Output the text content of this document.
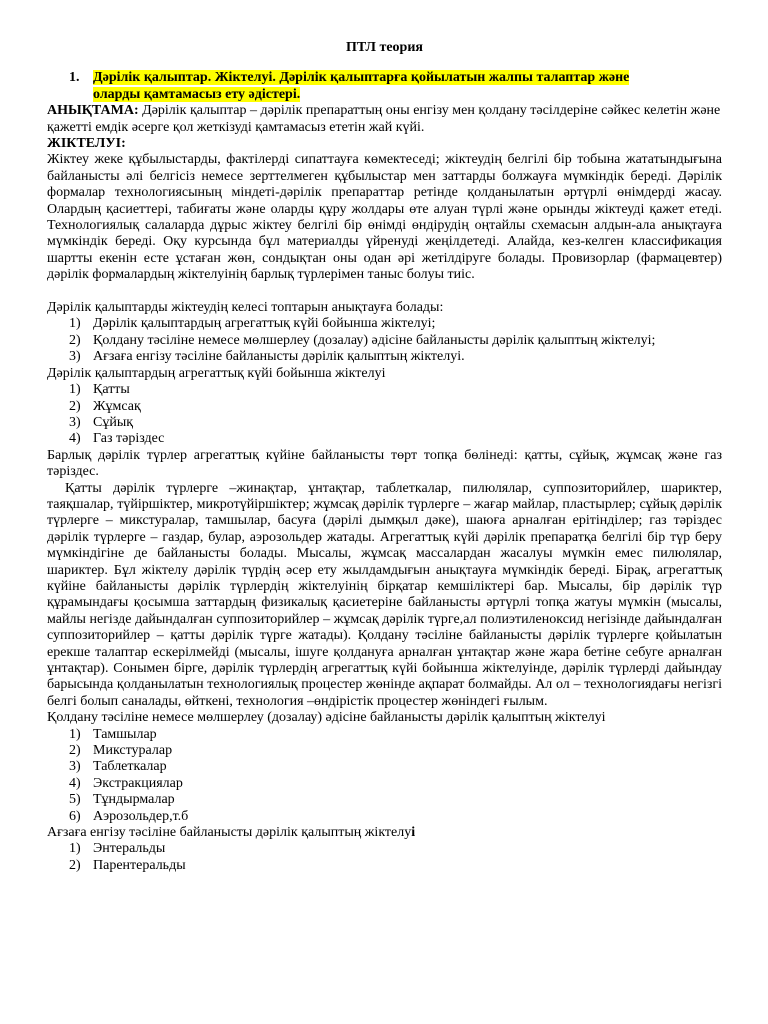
ПТЛ теория

1. Дәрілік қалыптар. Жіктелуі. Дәрілік қалыптарға қойылатын жалпы талаптар және
оларды қамтамасыз ету әдістері.

АНЫҚТАМА: Дәрілік қалыптар – дәрілік препараттың оны енгізу мен қолдану тәсілдеріне сәйкес келетін және қажетті емдік әсерге қол жеткізуді қамтамасыз ететін жай күйі.

ЖІКТЕЛУІ:

Жіктеу жеке құбылыстарды, фактілерді сипаттауға көмектеседі; жіктеудің белгілі бір тобына жататындығына байланысты әлі белгісіз немесе зерттелмеген құбылыстар мен заттарды болжауға мүмкіндік береді. Дәрілік формалар технологиясының міндеті-дәрілік препараттар ретінде қолданылатын әртүрлі өнімдерді жасау. Олардың қасиеттері, табиғаты және оларды құру жолдары өте алуан түрлі және орынды жіктеуді қажет етеді. Технологиялық салаларда дұрыс жіктеу белгілі бір өнімді өндірудің оңтайлы схемасын алдын-ала анықтауға мүмкіндік береді. Оқу курсында бұл материалды үйренуді жеңілдетеді. Алайда, кез-келген классификация шартты екенін есте ұстаған жөн, сондықтан оны одан әрі жетілдіруге болады. Провизорлар (фармацевтер) дәрілік формалардың жіктелуінің барлық түрлерімен таныс болуы тиіс.

Дәрілік қалыптарды жіктеудің келесі топтарын анықтауға болады:

1) Дәрілік қалыптардың агрегаттық күйі бойынша жіктелуі;
2) Қолдану тәсіліне немесе мөлшерлеу (дозалау) әдісіне байланысты дәрілік қалыптың жіктелуі;
3) Ағзаға енгізу тәсіліне байланысты дәрілік қалыптың жіктелуі.

Дәрілік қалыптардың агрегаттық күйі бойынша жіктелуі

1) Қатты
2) Жұмсақ
3) Сұйық
4) Газ тәріздес

Барлық дәрілік түрлер агрегаттық күйіне байланысты төрт топқа бөлінеді: қатты, сұйық, жұмсақ және газ тәріздес.

Қатты дәрілік түрлерге –жинақтар, ұнтақтар, таблеткалар, пилюлялар, суппозиторийлер, шариктер, таяқшалар, түйіршіктер, микротүйіршіктер; жұмсақ дәрілік түрлерге – жағар майлар, пластырлер; сұйық дәрілік түрлерге – микстуралар, тамшылар, басуға (дәрілі дымқыл дәке), шаюға арналған ерітінділер; газ тәріздес дәрілік түрлерге – газдар, булар, аэрозольдер жатады. Агрегаттық күйі дәрілік препаратқа белгілі бір түр беру мүмкіндігіне де байланысты болады. Мысалы, жұмсақ массалардан жасалуы мүмкін емес пилюлялар, шариктер. Бұл жіктелу дәрілік түрдің әсер ету жылдамдығын анықтауға мүмкіндік береді. Бірақ, агрегаттық күйіне байланысты дәрілік түрлердің жіктелуінің бірқатар кемшіліктері бар. Мысалы, бір дәрілік түр құрамындағы қосымша заттардың физикалық қасиетеріне байланысты әртүрлі топқа жатуы мүмкін (мысалы, майлы негізде дайындалған суппозиторийлер – жұмсақ дәрілік түрге,ал полиэтиленоксид негізінде дайындалған суппозиторийлер – қатты дәрілік түрге жатады). Қолдану тәсіліне байланысты дәрілік түрлерге қойылатын ерекше талаптар ескерілмейді (мысалы, ішуге қолдануға арналған ұнтақтар және жара бетіне себуге арналған ұнтақтар). Сонымен бірге, дәрілік түрлердің агрегаттық күйі бойынша жіктелуінде, дәрілік түрлерді дайындау барысында қолданылатын технологиялық процестер жөнінде ақпарат болмайды. Ал ол – технологиядағы негізгі белгі болып саналады, өйткені, технология –өндірістік процестер жөніндегі ғылым.

Қолдану тәсіліне немесе мөлшерлеу (дозалау) әдісіне байланысты дәрілік қалыптың жіктелуі

1) Тамшылар
2) Микстуралар
3) Таблеткалар
4) Экстракциялар
5) Тұндырмалар
6) Аэрозольдер,т.б

Ағзаға енгізу тәсіліне байланысты дәрілік қалыптың жіктелуі

1) Энтеральды
2) Парентеральды
